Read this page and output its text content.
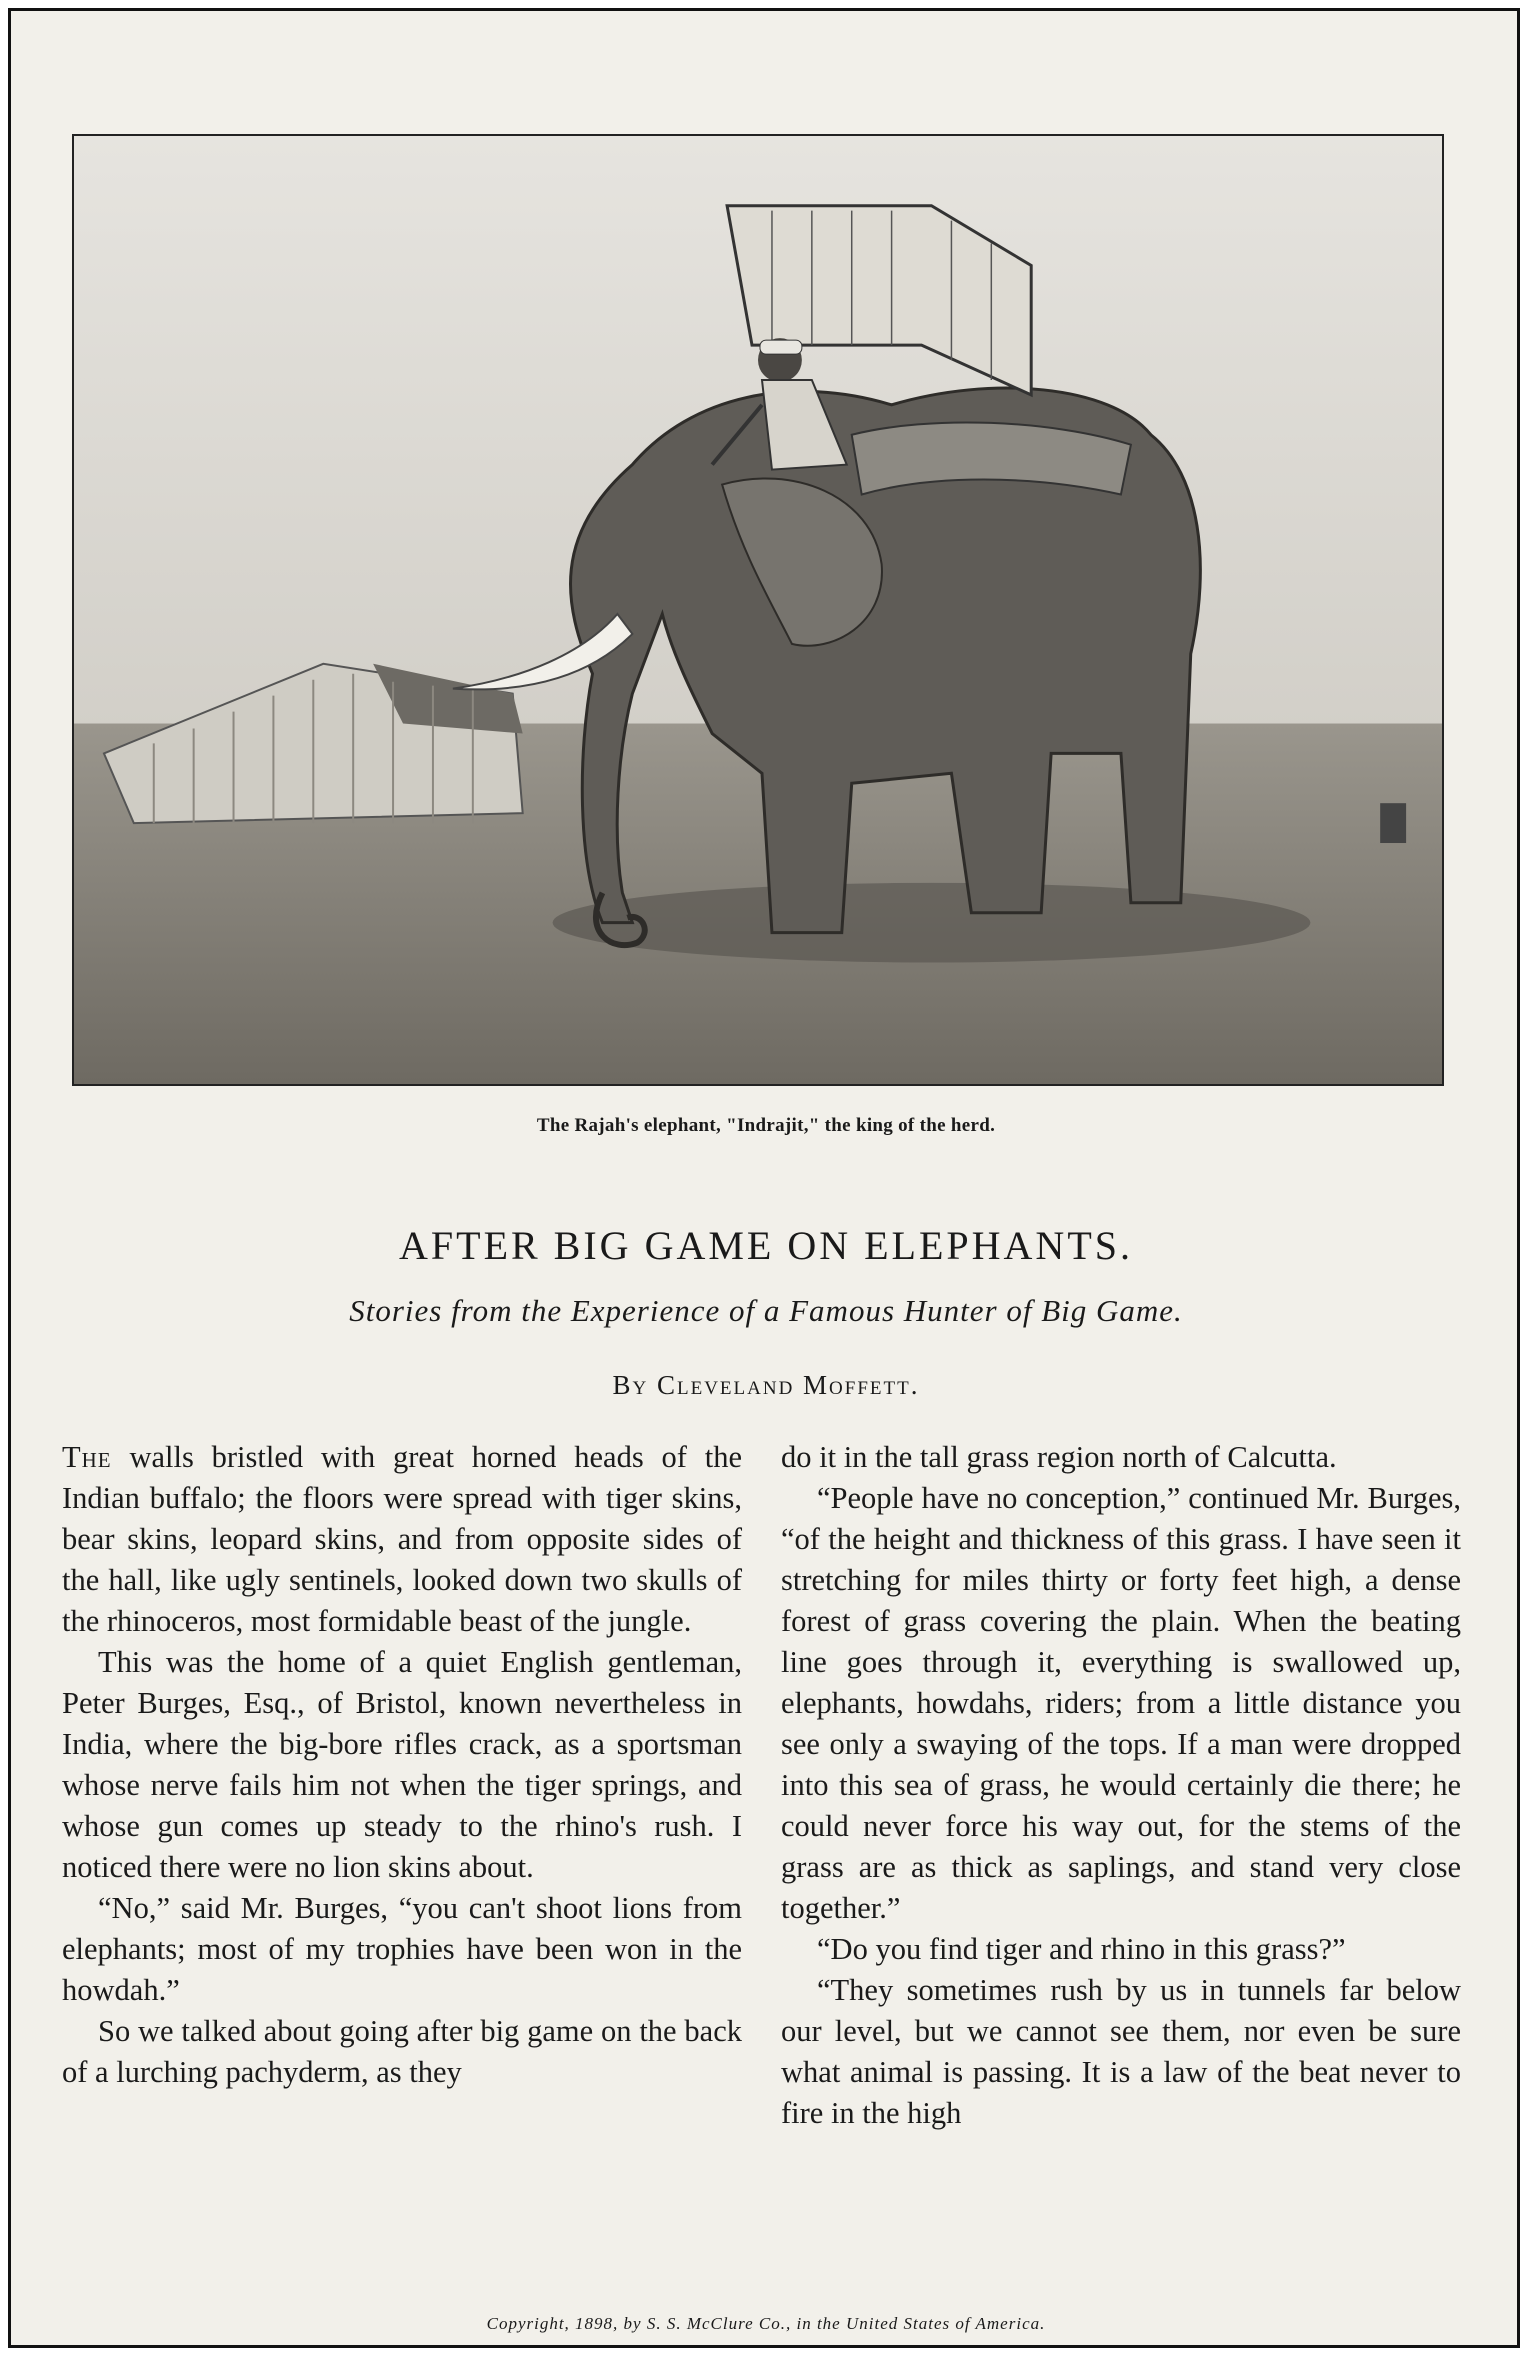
The Rajah's elephant, "Indrajit," the king of the herd.
AFTER BIG GAME ON ELEPHANTS.
Stories from the Experience of a Famous Hunter of Big Game.
By Cleveland Moffett.

The walls bristled with great horned heads of the Indian buffalo; the floors were spread with tiger skins, bear skins, leopard skins, and from opposite sides of the hall, like ugly sentinels, looked down two skulls of the rhinoceros, most formidable beast of the jungle.

This was the home of a quiet English gentleman, Peter Burges, Esq., of Bristol, known nevertheless in India, where the big-bore rifles crack, as a sportsman whose nerve fails him not when the tiger springs, and whose gun comes up steady to the rhino's rush. I noticed there were no lion skins about.

“No,” said Mr. Burges, “you can't shoot lions from elephants; most of my trophies have been won in the howdah.”

So we talked about going after big game on the back of a lurching pachyderm, as they

do it in the tall grass region north of Calcutta.

“People have no conception,” continued Mr. Burges, “of the height and thickness of this grass. I have seen it stretching for miles thirty or forty feet high, a dense forest of grass covering the plain. When the beating line goes through it, everything is swallowed up, elephants, howdahs, riders; from a little distance you see only a swaying of the tops. If a man were dropped into this sea of grass, he would certainly die there; he could never force his way out, for the stems of the grass are as thick as saplings, and stand very close together.”

“Do you find tiger and rhino in this grass?”

“They sometimes rush by us in tunnels far below our level, but we cannot see them, nor even be sure what animal is passing. It is a law of the beat never to fire in the high

Copyright, 1898, by S. S. McClure Co., in the United States of America.
